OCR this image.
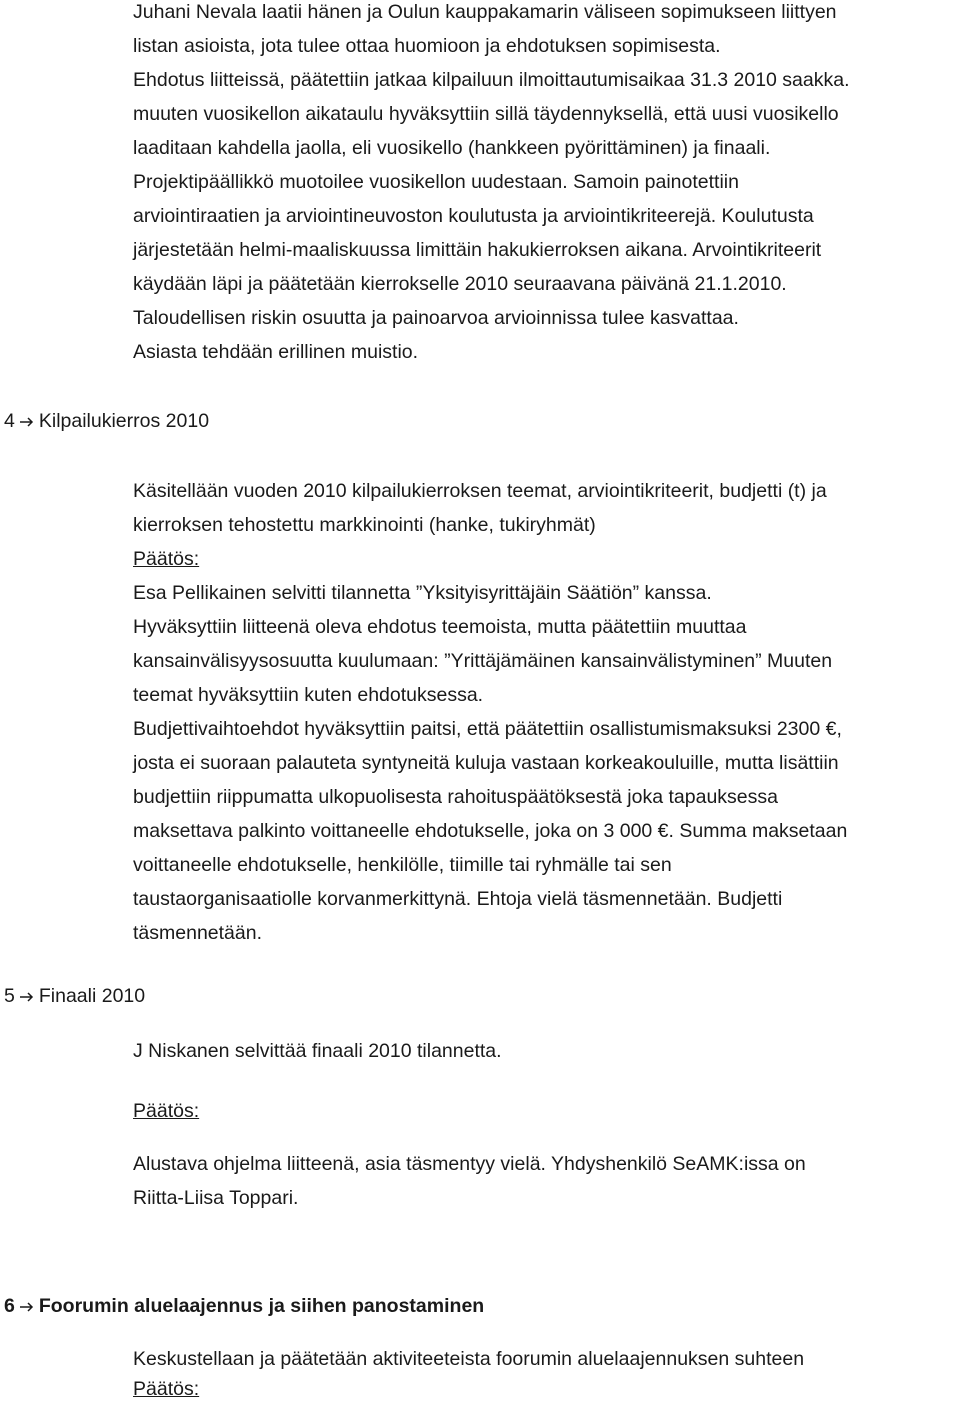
Juhani Nevala laatii hänen ja Oulun kauppakamarin väliseen sopimukseen liittyen
listan asioista, jota tulee ottaa huomioon ja ehdotuksen sopimisesta.
Ehdotus liitteissä, päätettiin jatkaa kilpailuun ilmoittautumisaikaa 31.3 2010 saakka.
muuten vuosikellon aikataulu hyväksyttiin sillä täydennyksellä, että uusi vuosikello
laaditaan kahdella jaolla, eli vuosikello (hankkeen pyörittäminen) ja finaali.
Projektipäällikkö muotoilee vuosikellon uudestaan. Samoin painotettiin
arviointiraatien ja arviointineuvoston koulutusta ja arviointikriteerejä. Koulutusta
järjestetään helmi-maaliskuussa limittäin hakukierroksen aikana. Arvointikriteerit
käydään läpi ja päätetään kierrokselle 2010 seuraavana päivänä 21.1.2010.
Taloudellisen riskin osuutta ja painoarvoa arvioinnissa tulee kasvattaa.
Asiasta tehdään erillinen muistio.
4 Kilpailukierros 2010
Käsitellään vuoden 2010 kilpailukierroksen teemat, arviointikriteerit, budjetti (t) ja
kierroksen tehostettu markkinointi (hanke, tukiryhmät)
Päätös:
Esa Pellikainen selvitti tilannetta ”Yksityisyrittäjäin Säätiön” kanssa.
Hyväksyttiin liitteenä oleva ehdotus teemoista, mutta päätettiin muuttaa
kansainvälisyysosuutta kuulumaan: ”Yrittäjämäinen kansainvälistyminen” Muuten
teemat hyväksyttiin kuten ehdotuksessa.
Budjettivaihtoehdot hyväksyttiin paitsi, että päätettiin osallistumismaksuksi 2300 €,
josta ei suoraan palauteta syntyneitä kuluja vastaan korkeakouluille, mutta lisättiin
budjettiin riippumatta ulkopuolisesta rahoituspäätöksestä joka tapauksessa
maksettava palkinto voittaneelle ehdotukselle, joka on 3 000 €. Summa maksetaan
voittaneelle ehdotukselle, henkilölle, tiimille tai ryhmälle tai sen
taustaorganisaatiolle korvanmerkittynä. Ehtoja vielä täsmennetään. Budjetti
täsmennetään.
5 Finaali 2010
J Niskanen selvittää finaali 2010 tilannetta.
Päätös:
Alustava ohjelma liitteenä, asia täsmentyy vielä. Yhdyshenkilö SeAMK:issa on
Riitta-Liisa Toppari.
6 Foorumin aluelaajennus ja siihen panostaminen
Keskustellaan ja päätetään aktiviteeteista foorumin aluelaajennuksen suhteen
Päätös:
